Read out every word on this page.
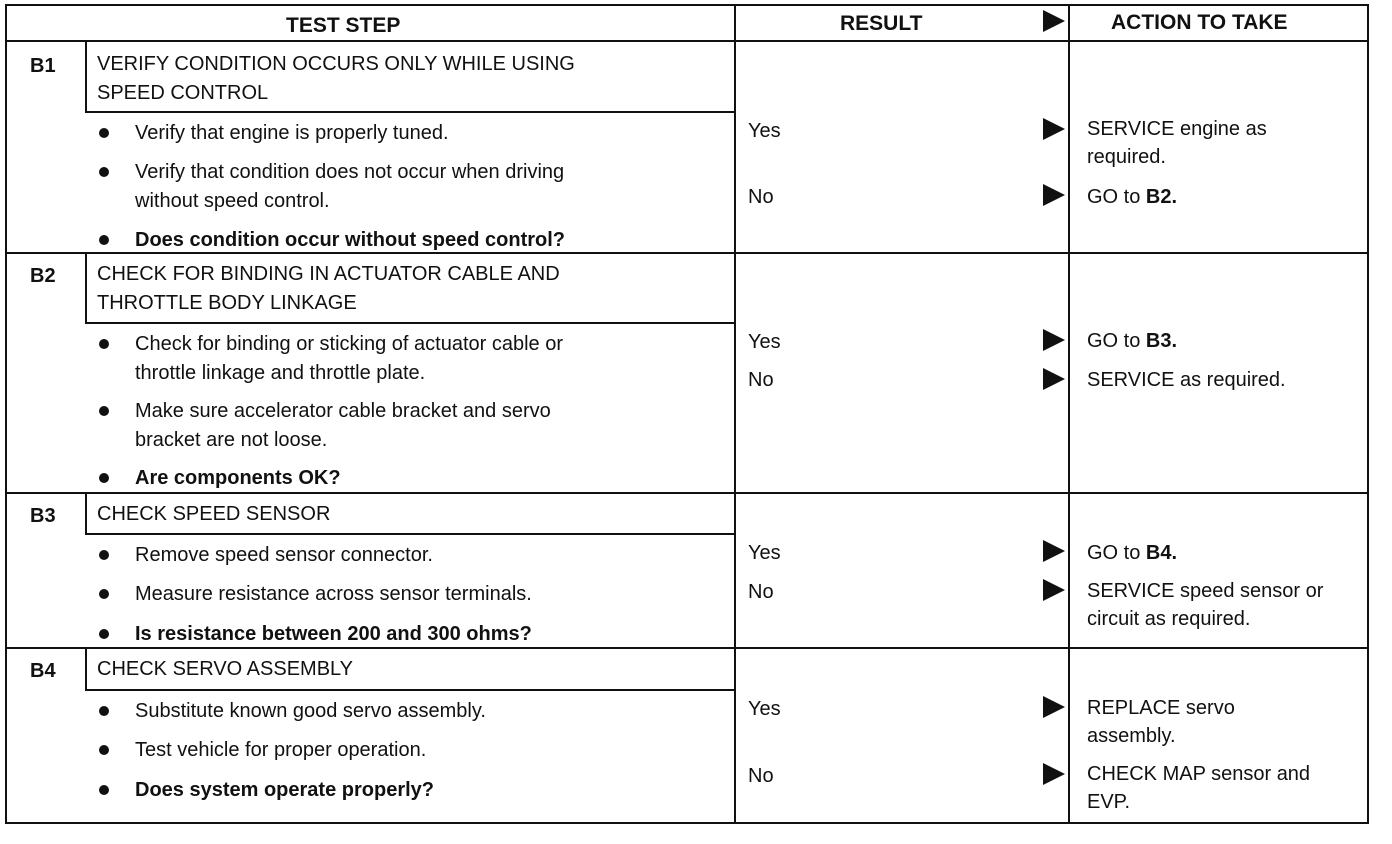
TEST STEP	RESULT	ACTION TO TAKE
B1 VERIFY CONDITION OCCURS ONLY WHILE USING
SPEED CONTROL
Verify that engine is properly tuned.
Verify that condition does not occur when driving
without speed control.
Does condition occur without speed control?
Yes	SERVICE engine as
required.
No	GO to B2.
B2 CHECK FOR BINDING IN ACTUATOR CABLE AND
THROTTLE BODY LINKAGE
Check for binding or sticking of actuator cable or
throttle linkage and throttle plate.
Make sure accelerator cable bracket and servo
bracket are not loose.
Are components OK?
Yes	GO to B3.
No	SERVICE as required.
B3 CHECK SPEED SENSOR
Remove speed sensor connector.
Measure resistance across sensor terminals.
Is resistance between 200 and 300 ohms?
Yes	GO to B4.
No	SERVICE speed sensor or
circuit as required.
B4 CHECK SERVO ASSEMBLY
Substitute known good servo assembly.
Test vehicle for proper operation.
Does system operate properly?
Yes	REPLACE servo
assembly.
No	CHECK MAP sensor and
EVP.
